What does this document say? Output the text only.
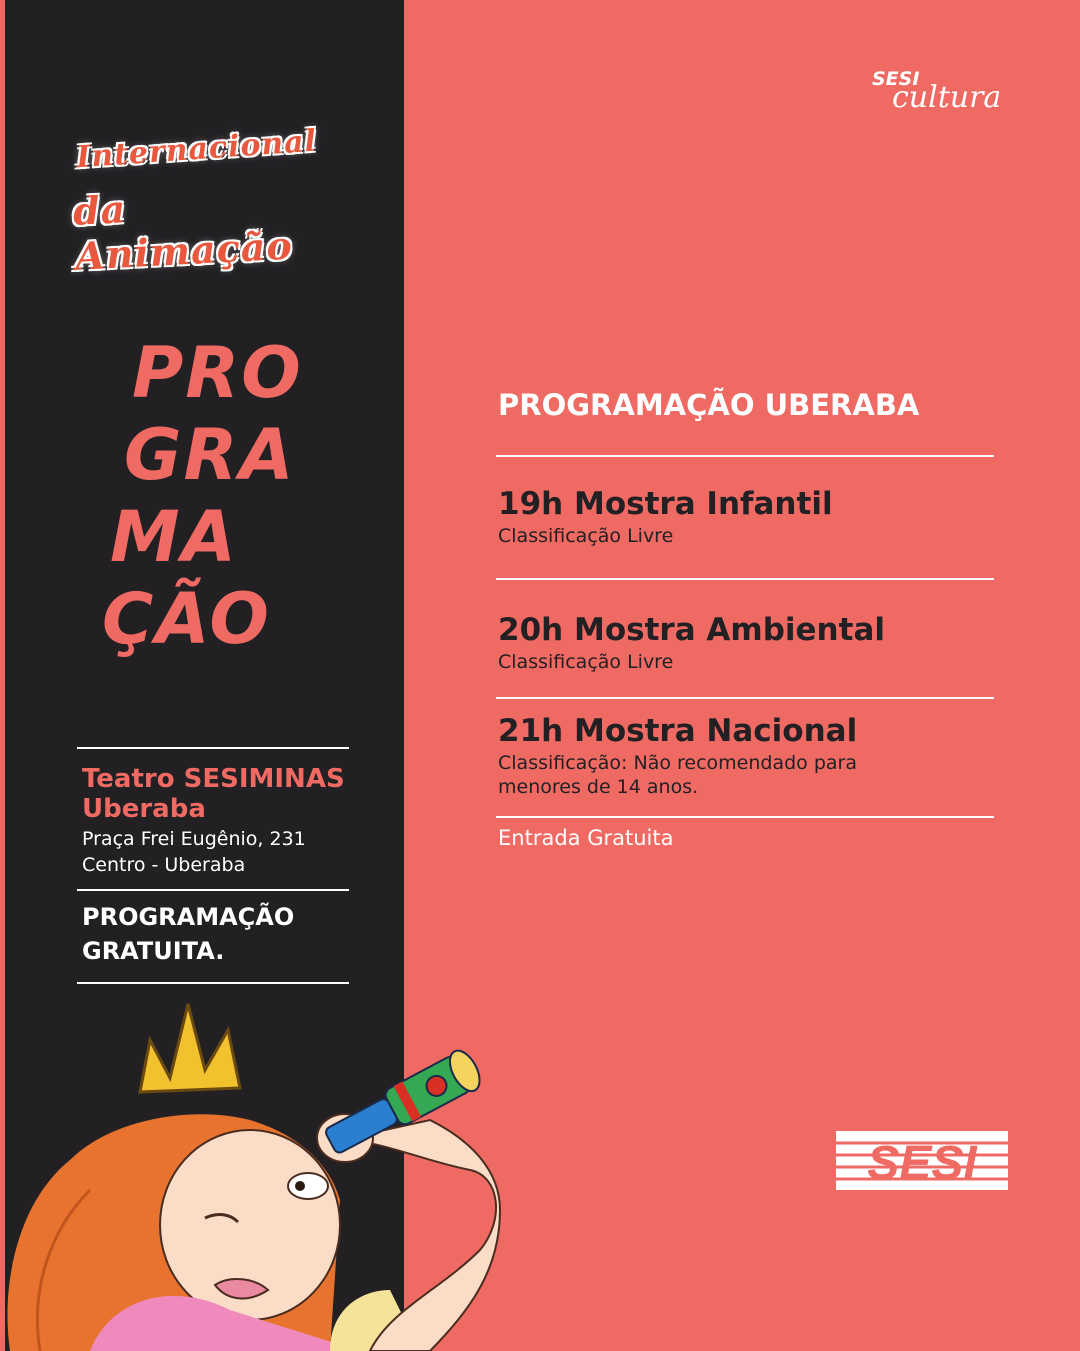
Internacional
da Animação
PRO
GRA
MA
ÇÃO
Teatro SESIMINAS Uberaba
Praça Frei Eugênio, 231
Centro - Uberaba
PROGRAMAÇÃO
GRATUITA.
SESI
cultura
PROGRAMAÇÃO UBERABA
19h Mostra Infantil
Classificação Livre
20h Mostra Ambiental
Classificação Livre
21h Mostra Nacional
Classificação: Não recomendado para menores de 14 anos.
Entrada Gratuita
SESI
